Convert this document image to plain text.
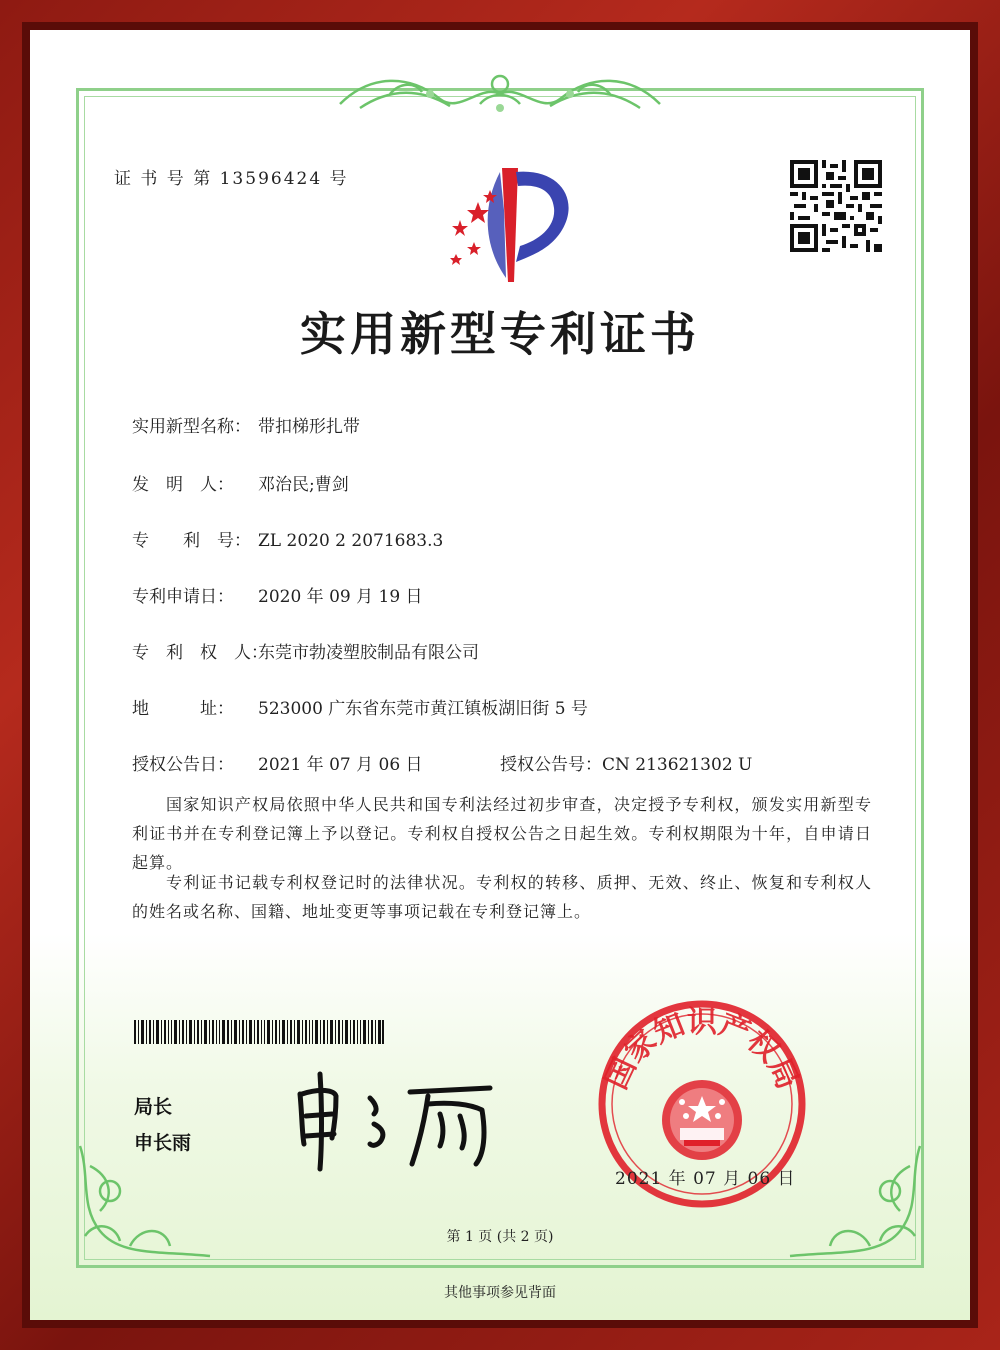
证 书 号 第 13596424 号
实用新型专利证书
实用新型名称： 带扣梯形扎带
发　明　人： 邓治民;曹剑
专　　利　号： ZL 2020 2 2071683.3
专利申请日： 2020 年 09 月 19 日
专　利　权　人：东莞市勃凌塑胶制品有限公司
地　　　址： 523000 广东省东莞市黄江镇板湖旧街 5 号
授权公告日： 2021 年 07 月 06 日	授权公告号：CN 213621302 U
国家知识产权局依照中华人民共和国专利法经过初步审查，决定授予专利权，颁发实用新型专利证书并在专利登记簿上予以登记。专利权自授权公告之日起生效。专利权期限为十年，自申请日起算。
专利证书记载专利权登记时的法律状况。专利权的转移、质押、无效、终止、恢复和专利权人的姓名或名称、国籍、地址变更等事项记载在专利登记簿上。
局长
申长雨
国家知识产权局
2021 年 07 月 06 日
第 1 页 (共 2 页)
其他事项参见背面
